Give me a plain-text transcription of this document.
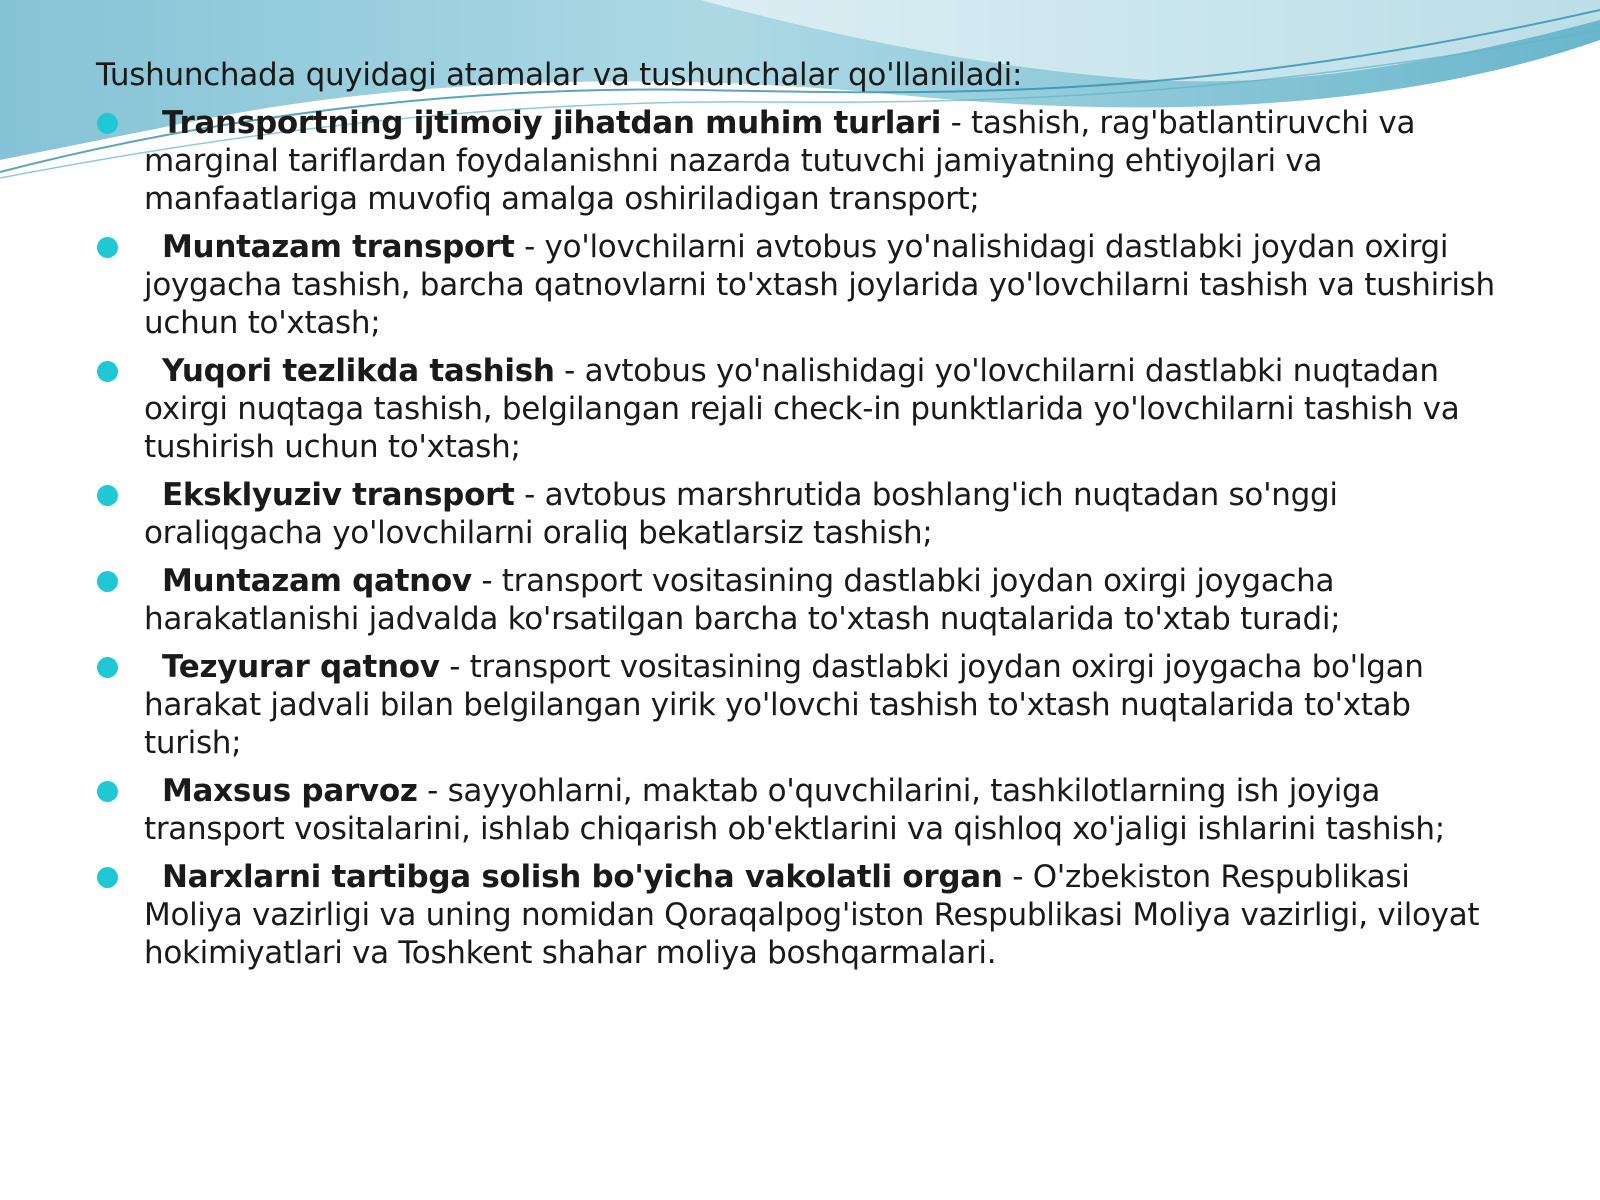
Tushunchada quyidagi atamalar va tushunchalar qo'llaniladi:

Transportning ijtimoiy jihatdan muhim turlari - tashish, rag'batlantiruvchi va marginal tariflardan foydalanishni nazarda tutuvchi jamiyatning ehtiyojlari va manfaatlariga muvofiq amalga oshiriladigan transport;
Muntazam transport - yo'lovchilarni avtobus yo'nalishidagi dastlabki joydan oxirgi joygacha tashish, barcha qatnovlarni to'xtash joylarida yo'lovchilarni tashish va tushirish uchun to'xtash;
Yuqori tezlikda tashish - avtobus yo'nalishidagi yo'lovchilarni dastlabki nuqtadan oxirgi nuqtaga tashish, belgilangan rejali check-in punktlarida yo'lovchilarni tashish va tushirish uchun to'xtash;
Eksklyuziv transport - avtobus marshrutida boshlang'ich nuqtadan so'nggi oraliqgacha yo'lovchilarni oraliq bekatlarsiz tashish;
Muntazam qatnov - transport vositasining dastlabki joydan oxirgi joygacha harakatlanishi jadvalda ko'rsatilgan barcha to'xtash nuqtalarida to'xtab turadi;
Tezyurar qatnov - transport vositasining dastlabki joydan oxirgi joygacha bo'lgan harakat jadvali bilan belgilangan yirik yo'lovchi tashish to'xtash nuqtalarida to'xtab turish;
Maxsus parvoz - sayyohlarni, maktab o'quvchilarini, tashkilotlarning ish joyiga transport vositalarini, ishlab chiqarish ob'ektlarini va qishloq xo'jaligi ishlarini tashish;
Narxlarni tartibga solish bo'yicha vakolatli organ - O'zbekiston Respublikasi Moliya vazirligi va uning nomidan Qoraqalpog'iston Respublikasi Moliya vazirligi, viloyat hokimiyatlari va Toshkent shahar moliya boshqarmalari.
